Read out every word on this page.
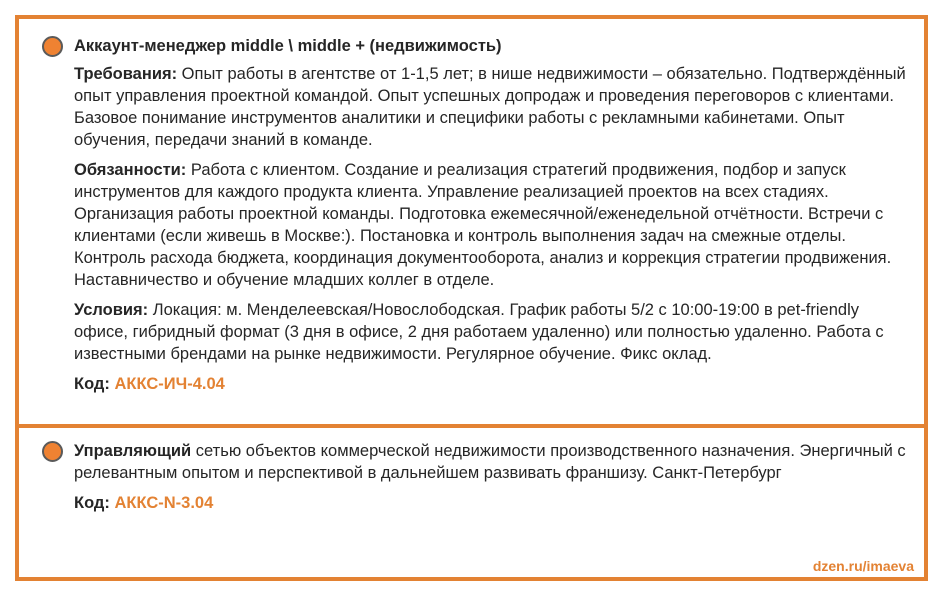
Аккаунт-менеджер middle \ middle + (недвижимость)

Требования: Опыт работы в агентстве от 1-1,5 лет; в нише недвижимости – обязательно. Подтверждённый опыт управления проектной командой. Опыт успешных допродаж и проведения переговоров с клиентами. Базовое понимание инструментов аналитики и специфики работы с рекламными кабинетами. Опыт обучения, передачи знаний в команде.

Обязанности: Работа с клиентом. Создание и реализация стратегий продвижения, подбор и запуск инструментов для каждого продукта клиента. Управление реализацией проектов на всех стадиях. Организация работы проектной команды. Подготовка ежемесячной/еженедельной отчётности. Встречи с клиентами (если живешь в Москве:). Постановка и контроль выполнения задач на смежные отделы. Контроль расхода бюджета, координация документооборота, анализ и коррекция стратегии продвижения. Наставничество и обучение младших коллег в отделе.

Условия: Локация: м. Менделеевская/Новослободская. График работы 5/2 с 10:00-19:00 в pet-friendly офисе, гибридный формат (3 дня в офисе, 2 дня работаем удаленно) или полностью удаленно. Работа с известными брендами на рынке недвижимости. Регулярное обучение. Фикс оклад.

Код: АККС-ИЧ-4.04

Управляющий сетью объектов коммерческой недвижимости производственного назначения. Энергичный с релевантным опытом и перспективой в дальнейшем развивать франшизу. Санкт-Петербург

Код: АККС-N-3.04

dzen.ru/imaeva
